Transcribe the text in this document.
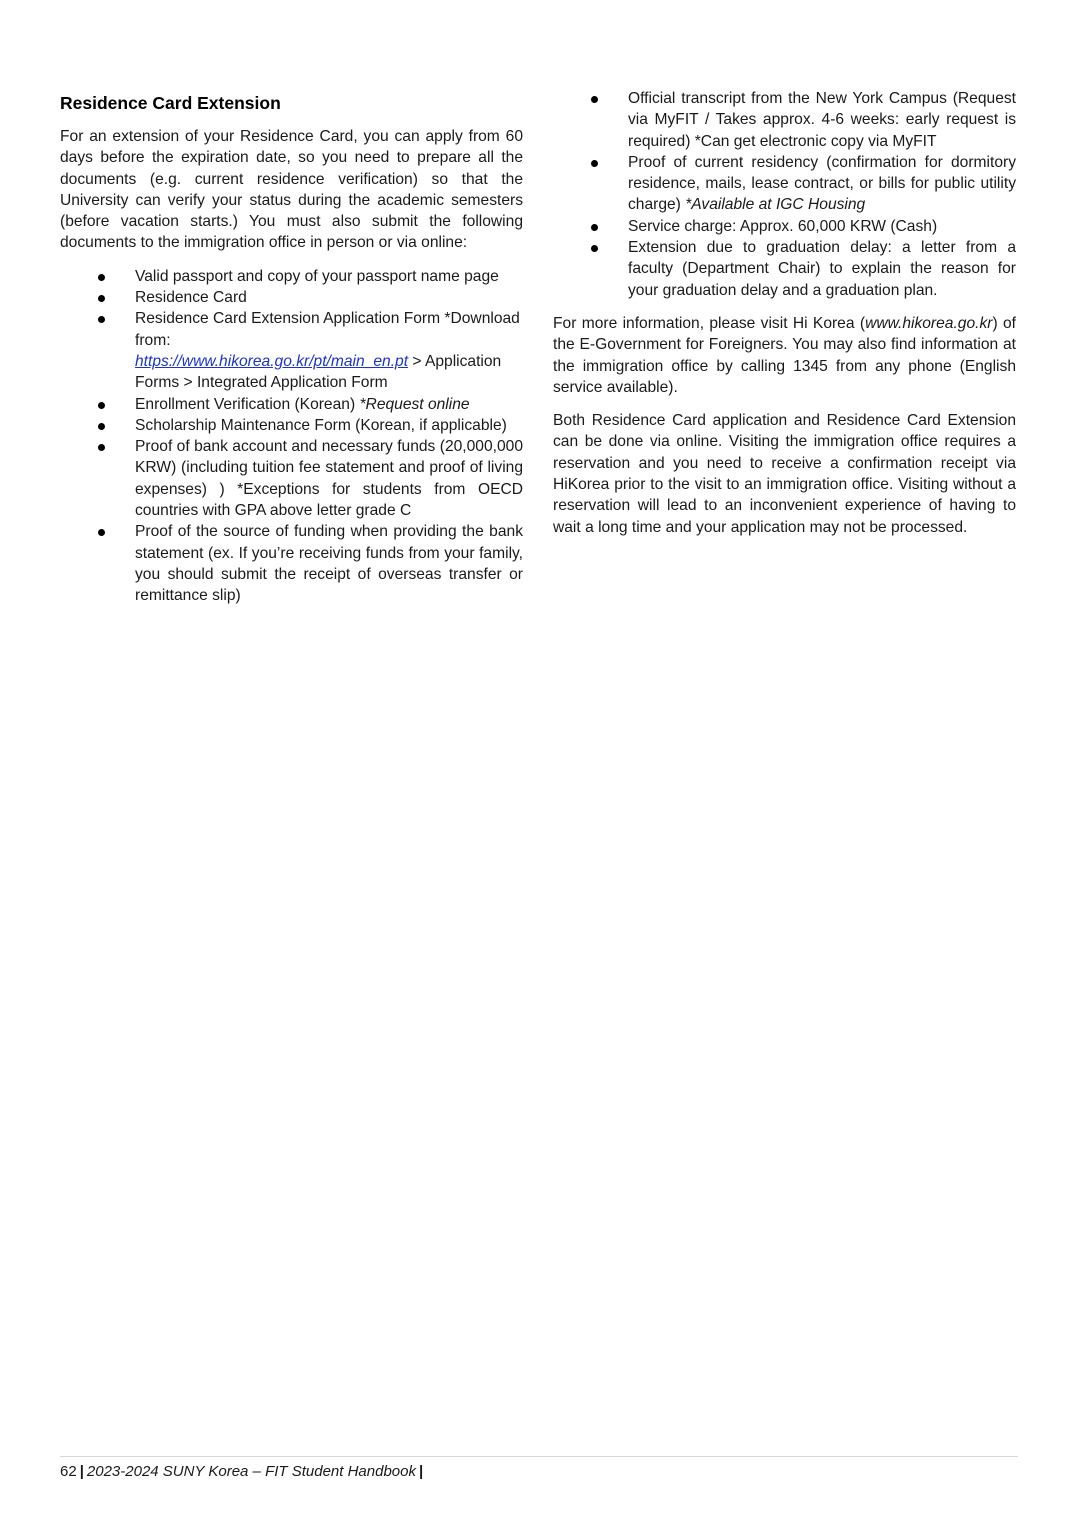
Residence Card Extension

For an extension of your Residence Card, you can apply from 60 days before the expiration date, so you need to prepare all the documents (e.g. current residence verification) so that the University can verify your status during the academic semesters (before vacation starts.) You must also submit the following documents to the immigration office in person or via online:

Valid passport and copy of your passport name page
Residence Card
Residence Card Extension Application Form *Download from:
https://www.hikorea.go.kr/pt/main_en.pt > Application Forms > Integrated Application Form
Enrollment Verification (Korean) *Request online
Scholarship Maintenance Form (Korean, if applicable)
Proof of bank account and necessary funds (20,000,000 KRW) (including tuition fee statement and proof of living expenses) ) *Exceptions for students from OECD countries with GPA above letter grade C
Proof of the source of funding when providing the bank statement (ex. If you’re receiving funds from your family, you should submit the receipt of overseas transfer or remittance slip)
Official transcript from the New York Campus (Request via MyFIT / Takes approx. 4-6 weeks: early request is required) *Can get electronic copy via MyFIT
Proof of current residency (confirmation for dormitory residence, mails, lease contract, or bills for public utility charge) *Available at IGC Housing
Service charge: Approx. 60,000 KRW (Cash)
Extension due to graduation delay: a letter from a faculty (Department Chair) to explain the reason for your graduation delay and a graduation plan.

For more information, please visit Hi Korea (www.hikorea.go.kr) of the E-Government for Foreigners. You may also find information at the immigration office by calling 1345 from any phone (English service available).

Both Residence Card application and Residence Card Extension can be done via online. Visiting the immigration office requires a reservation and you need to receive a confirmation receipt via HiKorea prior to the visit to an immigration office. Visiting without a reservation will lead to an inconvenient experience of having to wait a long time and your application may not be processed.

62 | 2023-2024 SUNY Korea – FIT Student Handbook |
